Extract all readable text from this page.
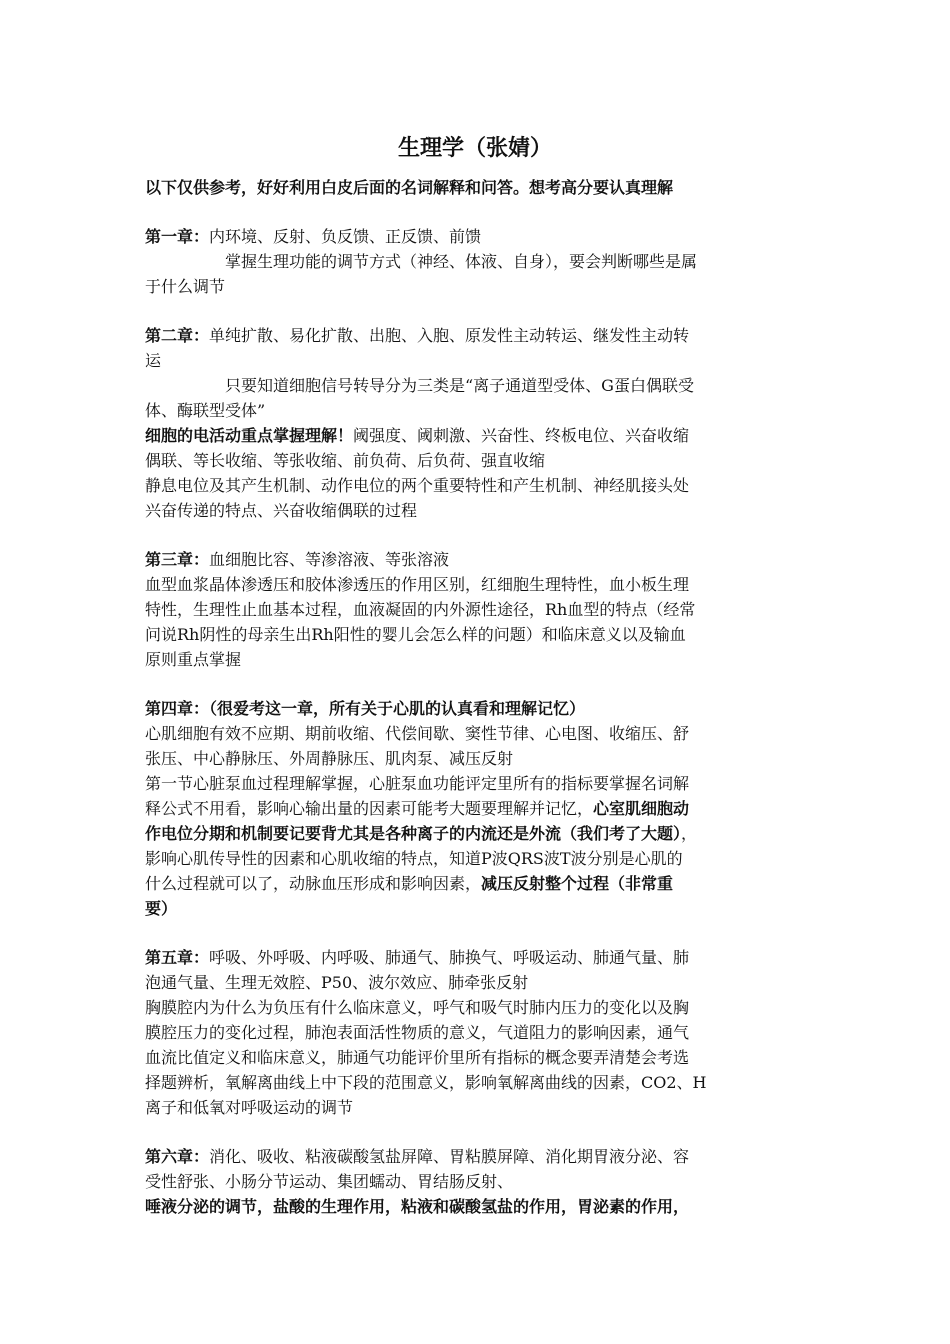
生理学（张婧）
以下仅供参考，好好利用白皮后面的名词解释和问答。想考高分要认真理解
第一章：内环境、反射、负反馈、正反馈、前馈
掌握生理功能的调节方式（神经、体液、自身），要会判断哪些是属
于什么调节
第二章：单纯扩散、易化扩散、出胞、入胞、原发性主动转运、继发性主动转
运
只要知道细胞信号转导分为三类是“离子通道型受体、G蛋白偶联受
体、酶联型受体”
细胞的电活动重点掌握理解！阈强度、阈刺激、兴奋性、终板电位、兴奋收缩
偶联、等长收缩、等张收缩、前负荷、后负荷、强直收缩
静息电位及其产生机制、动作电位的两个重要特性和产生机制、神经肌接头处
兴奋传递的特点、兴奋收缩偶联的过程
第三章：血细胞比容、等渗溶液、等张溶液
血型血浆晶体渗透压和胶体渗透压的作用区别，红细胞生理特性，血小板生理
特性，生理性止血基本过程，血液凝固的内外源性途径，Rh血型的特点（经常
问说Rh阴性的母亲生出Rh阳性的婴儿会怎么样的问题）和临床意义以及输血
原则重点掌握
第四章：（很爱考这一章，所有关于心肌的认真看和理解记忆）
心肌细胞有效不应期、期前收缩、代偿间歇、窦性节律、心电图、收缩压、舒
张压、中心静脉压、外周静脉压、肌肉泵、减压反射
第一节心脏泵血过程理解掌握，心脏泵血功能评定里所有的指标要掌握名词解
释公式不用看，影响心输出量的因素可能考大题要理解并记忆，心室肌细胞动
作电位分期和机制要记要背尤其是各种离子的内流还是外流（我们考了大题），
影响心肌传导性的因素和心肌收缩的特点，知道P波QRS波T波分别是心肌的
什么过程就可以了，动脉血压形成和影响因素，减压反射整个过程（非常重
要）
第五章：呼吸、外呼吸、内呼吸、肺通气、肺换气、呼吸运动、肺通气量、肺
泡通气量、生理无效腔、P50、波尔效应、肺牵张反射
胸膜腔内为什么为负压有什么临床意义，呼气和吸气时肺内压力的变化以及胸
膜腔压力的变化过程，肺泡表面活性物质的意义，气道阻力的影响因素，通气
血流比值定义和临床意义，肺通气功能评价里所有指标的概念要弄清楚会考选
择题辨析，氧解离曲线上中下段的范围意义，影响氧解离曲线的因素，CO2、H
离子和低氧对呼吸运动的调节
第六章：消化、吸收、粘液碳酸氢盐屏障、胃粘膜屏障、消化期胃液分泌、容
受性舒张、小肠分节运动、集团蠕动、胃结肠反射、
唾液分泌的调节，盐酸的生理作用，粘液和碳酸氢盐的作用，胃泌素的作用，
